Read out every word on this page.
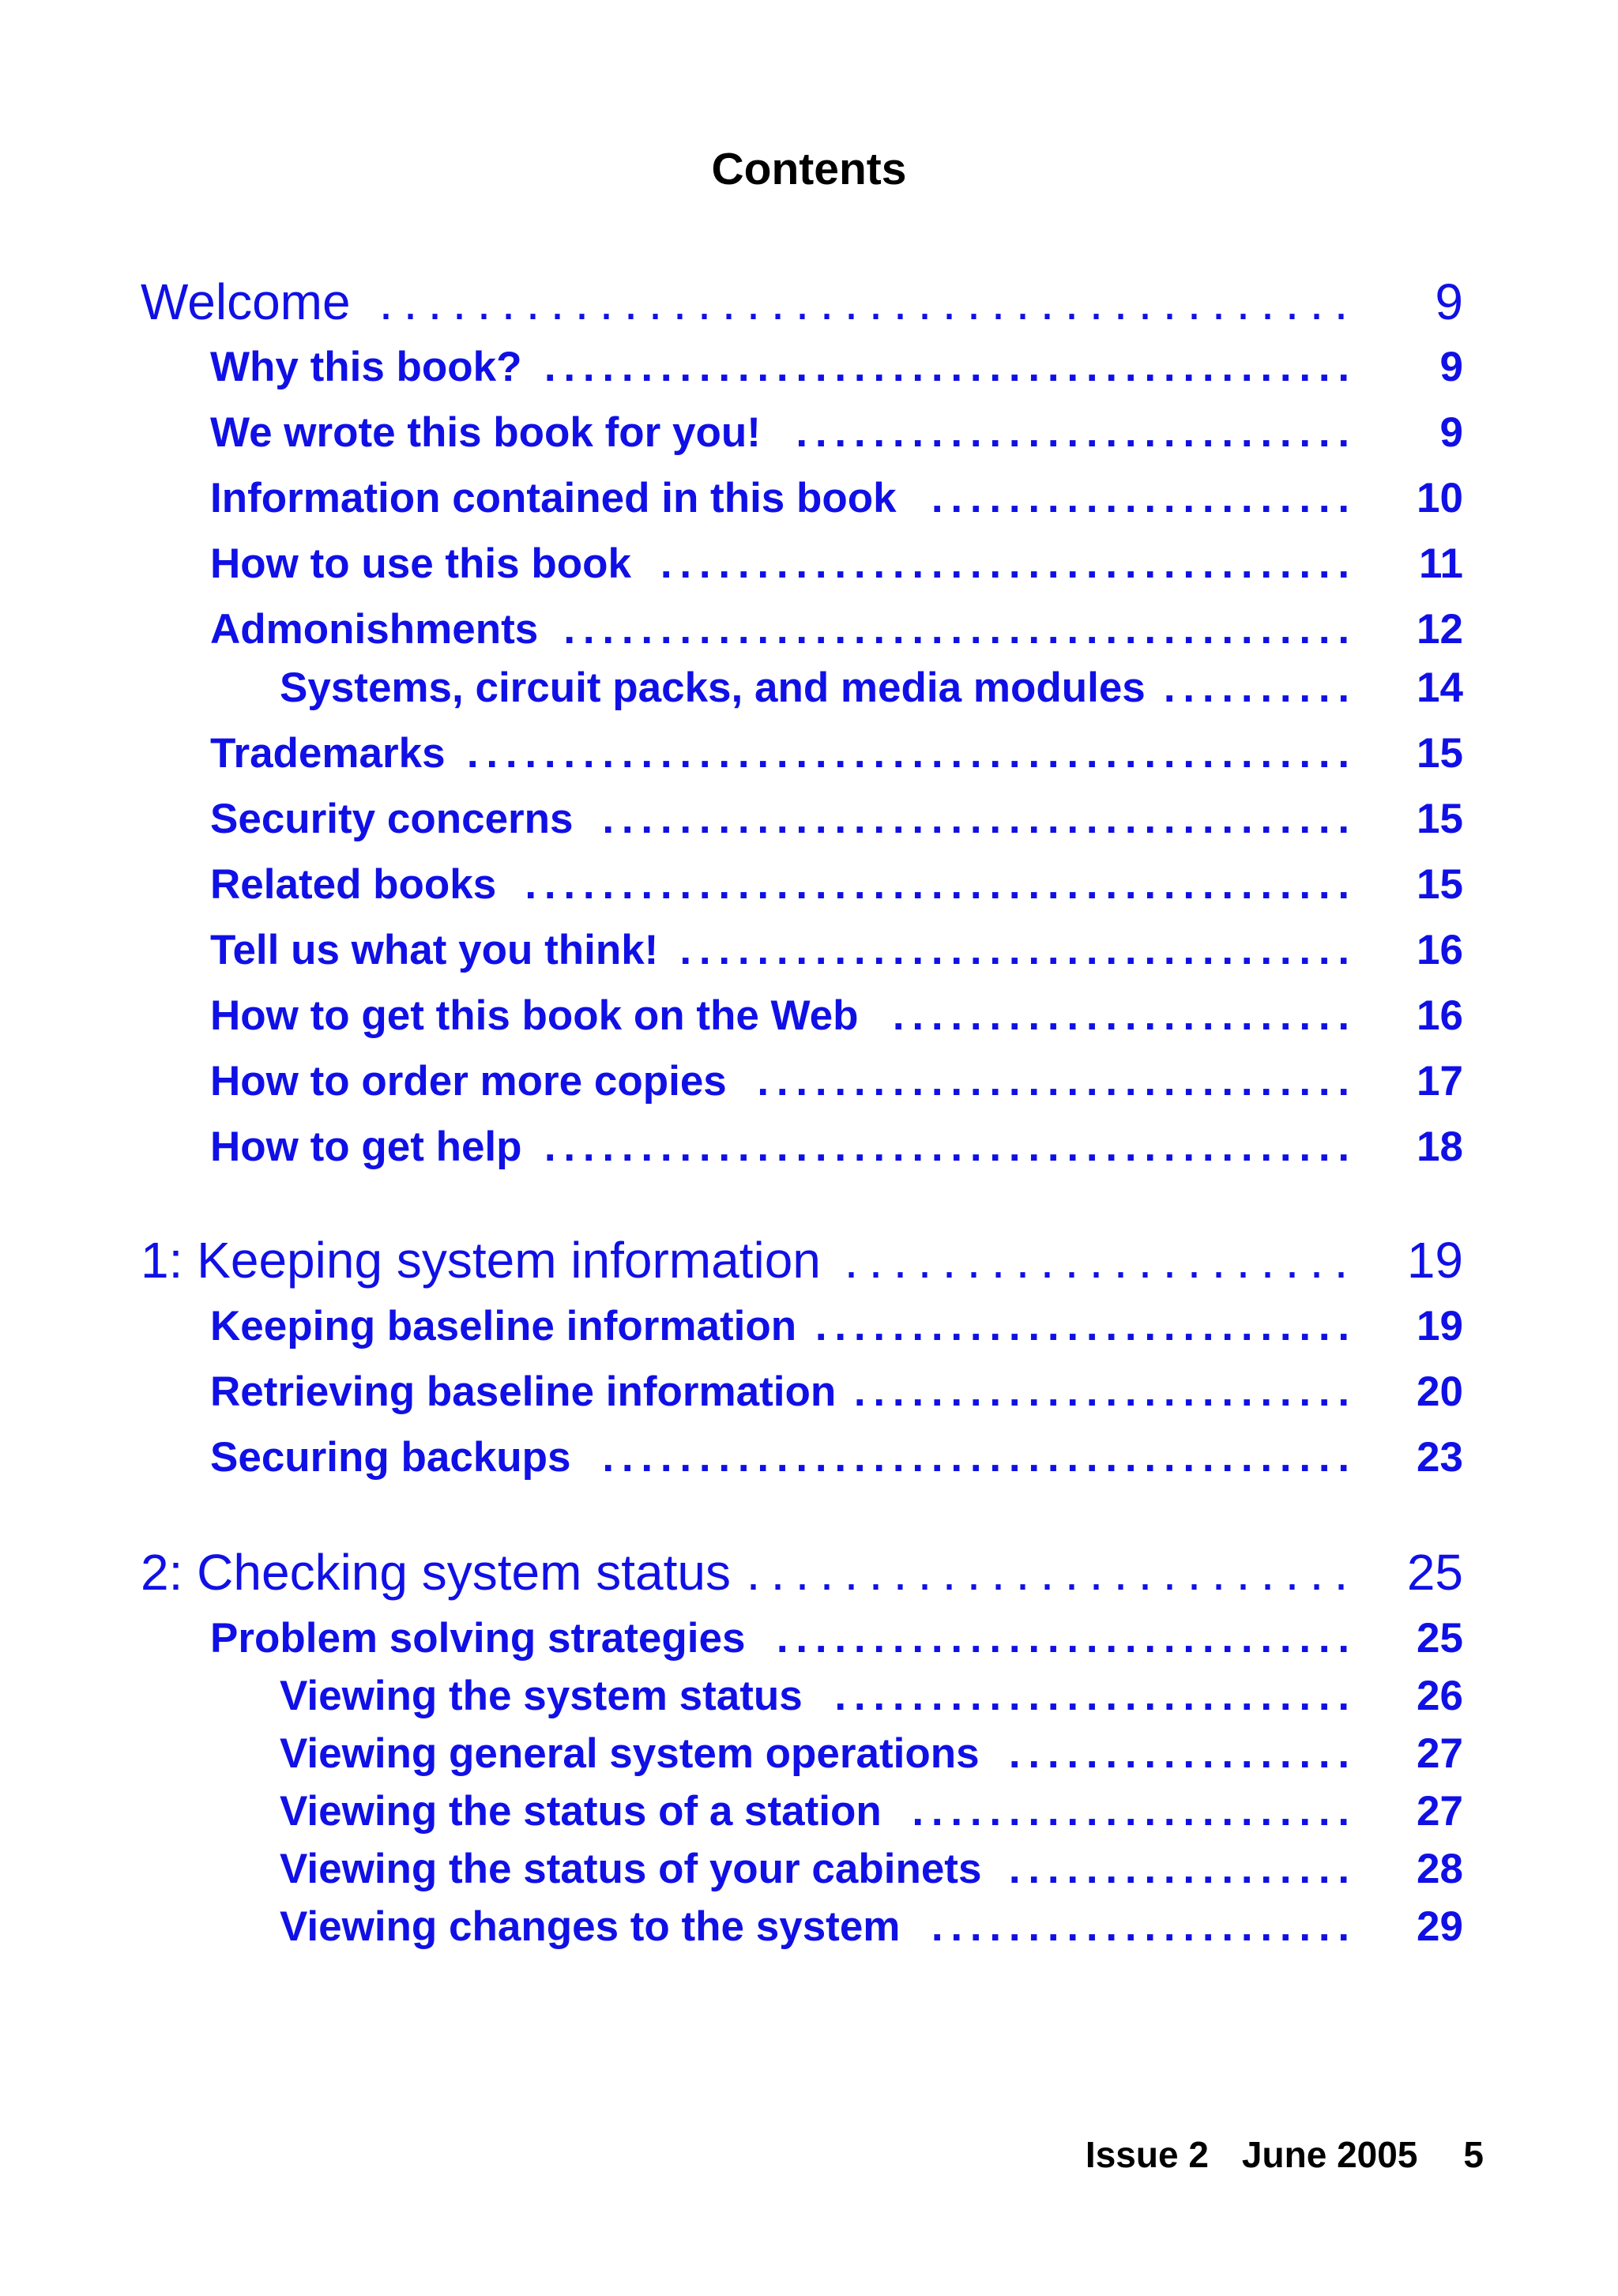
Contents
Welcome . . . . . . . . . . . . . . . . . . . . . . . . . . . . . . . . . . . . . . . . 9
Why this book? . . . . . . . . . . . . . . . . . . . . . . . . . . . . . . . . . . . . . . . . . . 9
We wrote this book for you! . . . . . . . . . . . . . . . . . . . . . . . . . . . . . 9
Information contained in this book . . . . . . . . . . . . . . . . . . . . . . 10
How to use this book . . . . . . . . . . . . . . . . . . . . . . . . . . . . . . . . . . . . 11
Admonishments . . . . . . . . . . . . . . . . . . . . . . . . . . . . . . . . . . . . . . . . . 12
Systems, circuit packs, and media modules . . . . . . . . . . 14
Trademarks . . . . . . . . . . . . . . . . . . . . . . . . . . . . . . . . . . . . . . . . . . . . . . 15
Security concerns . . . . . . . . . . . . . . . . . . . . . . . . . . . . . . . . . . . . . . . 15
Related books . . . . . . . . . . . . . . . . . . . . . . . . . . . . . . . . . . . . . . . . . . . 15
Tell us what you think! . . . . . . . . . . . . . . . . . . . . . . . . . . . . . . . . . . . 16
How to get this book on the Web . . . . . . . . . . . . . . . . . . . . . . . . 16
How to order more copies . . . . . . . . . . . . . . . . . . . . . . . . . . . . . . . 17
How to get help . . . . . . . . . . . . . . . . . . . . . . . . . . . . . . . . . . . . . . . . . . 18
1: Keeping system information . . . . . . . . . . . . . . . . . . . . . 19
Keeping baseline information . . . . . . . . . . . . . . . . . . . . . . . . . . . . 19
Retrieving baseline information . . . . . . . . . . . . . . . . . . . . . . . . . . 20
Securing backups . . . . . . . . . . . . . . . . . . . . . . . . . . . . . . . . . . . . . . . 23
2: Checking system status . . . . . . . . . . . . . . . . . . . . . . . . . 25
Problem solving strategies . . . . . . . . . . . . . . . . . . . . . . . . . . . . . . 25
Viewing the system status . . . . . . . . . . . . . . . . . . . . . . . . . . . 26
Viewing general system operations . . . . . . . . . . . . . . . . . . 27
Viewing the status of a station . . . . . . . . . . . . . . . . . . . . . . . 27
Viewing the status of your cabinets . . . . . . . . . . . . . . . . . . 28
Viewing changes to the system . . . . . . . . . . . . . . . . . . . . . . 29
Issue 2 June 2005 5
